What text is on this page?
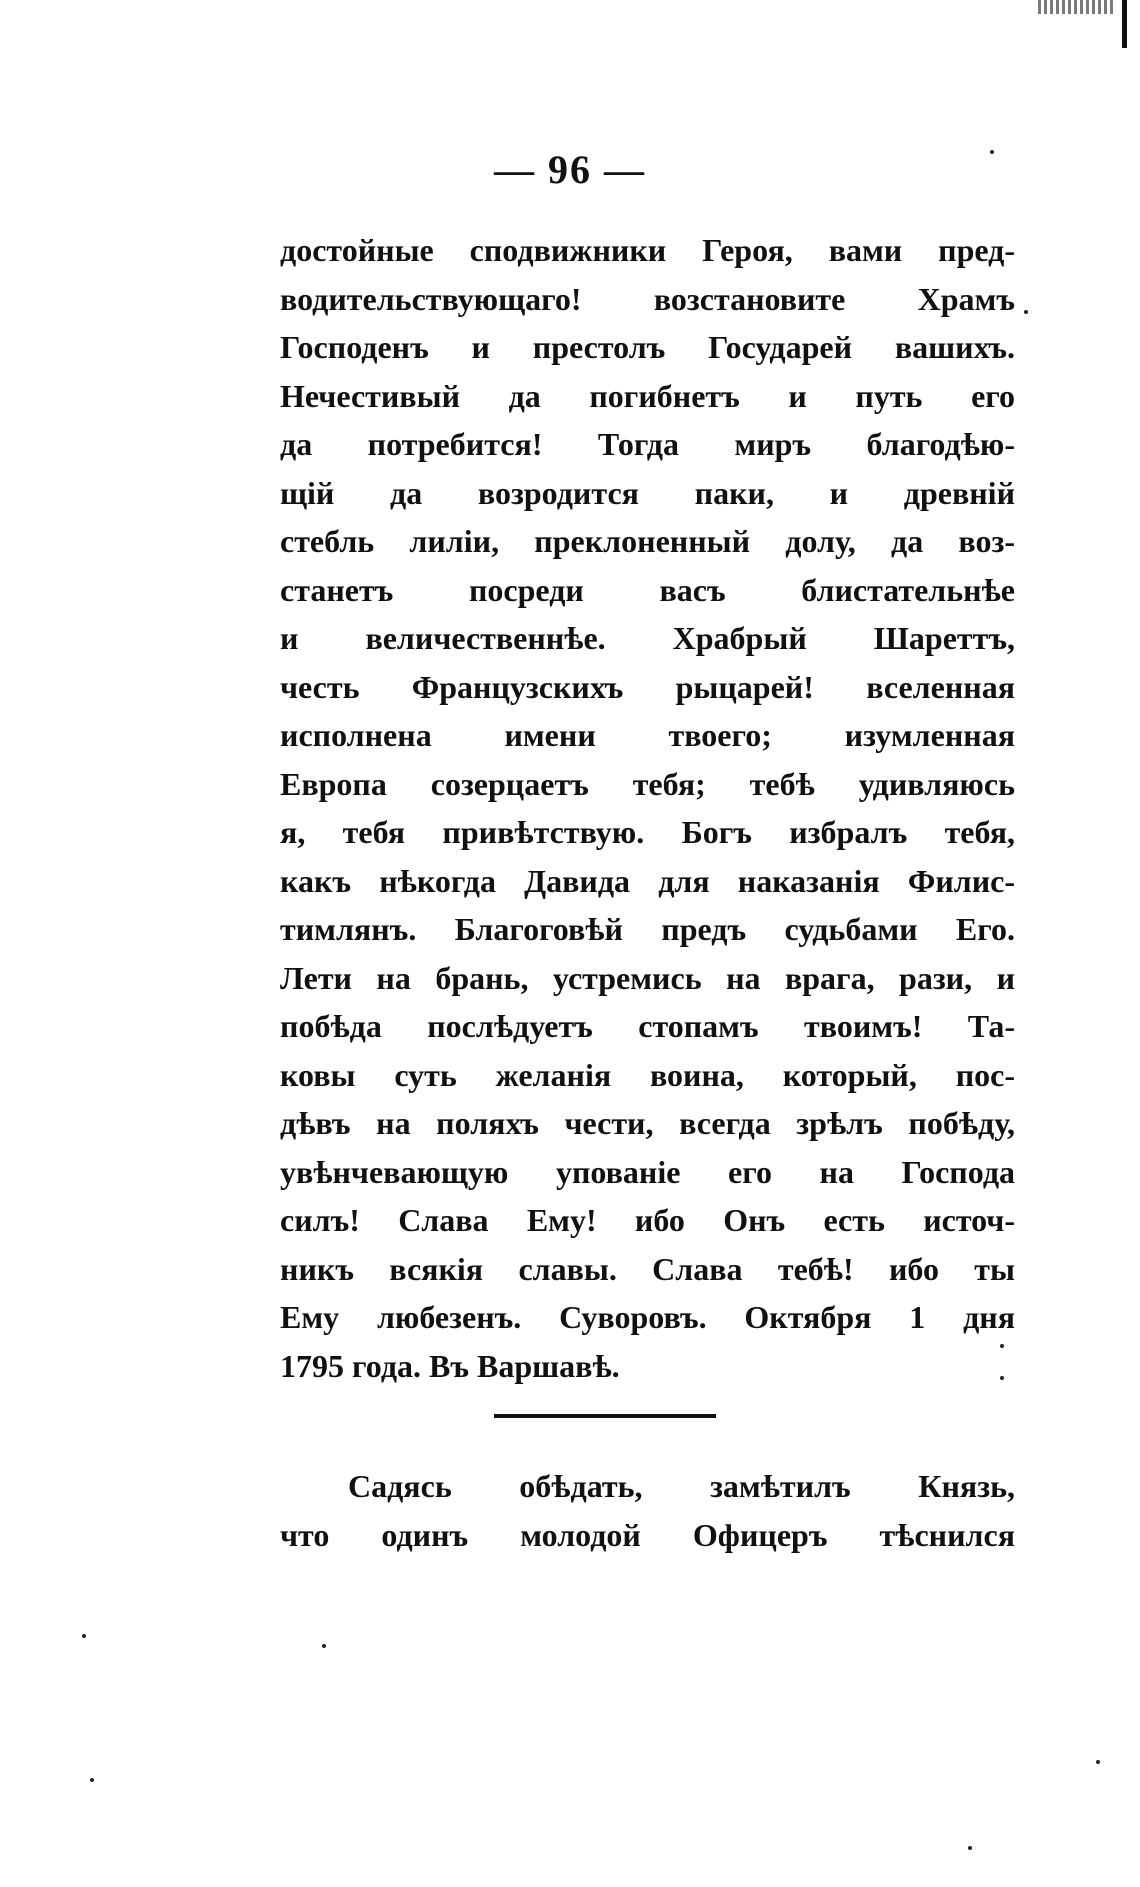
— 96 —
достойные сподвижники Героя, вами пред-
водительствующаго! возстановите Храмъ
Господенъ и престолъ Государей вашихъ.
Нечестивый да погибнетъ и путь его
да потребится! Тогда миръ благодѣю-
щій да возродится паки, и древній
стебль лиліи, преклоненный долу, да воз-
станетъ посреди васъ блистательнѣе
и величественнѣе. Храбрый Шареттъ,
честь Французскихъ рыцарей! вселенная
исполнена имени твоего; изумленная
Европа созерцаетъ тебя; тебѣ удивляюсь
я, тебя привѣтствую. Богъ избралъ тебя,
какъ нѣкогда Давида для наказанія Филис-
тимлянъ. Благоговѣй предъ судьбами Его.
Лети на брань, устремись на врага, рази, и
побѣда послѣдуетъ стопамъ твоимъ! Та-
ковы суть желанія воина, который, пос-
дѣвъ на поляхъ чести, всегда зрѣлъ побѣду,
увѣнчевающую упованіе его на Господа
силъ! Слава Ему! ибо Онъ есть источ-
никъ всякія славы. Слава тебѣ! ибо ты
Ему любезенъ. Суворовъ. Октября 1 дня
1795 года. Въ Варшавѣ.
Садясь обѣдать, замѣтилъ Князь,
что одинъ молодой Офицеръ тѣснился
